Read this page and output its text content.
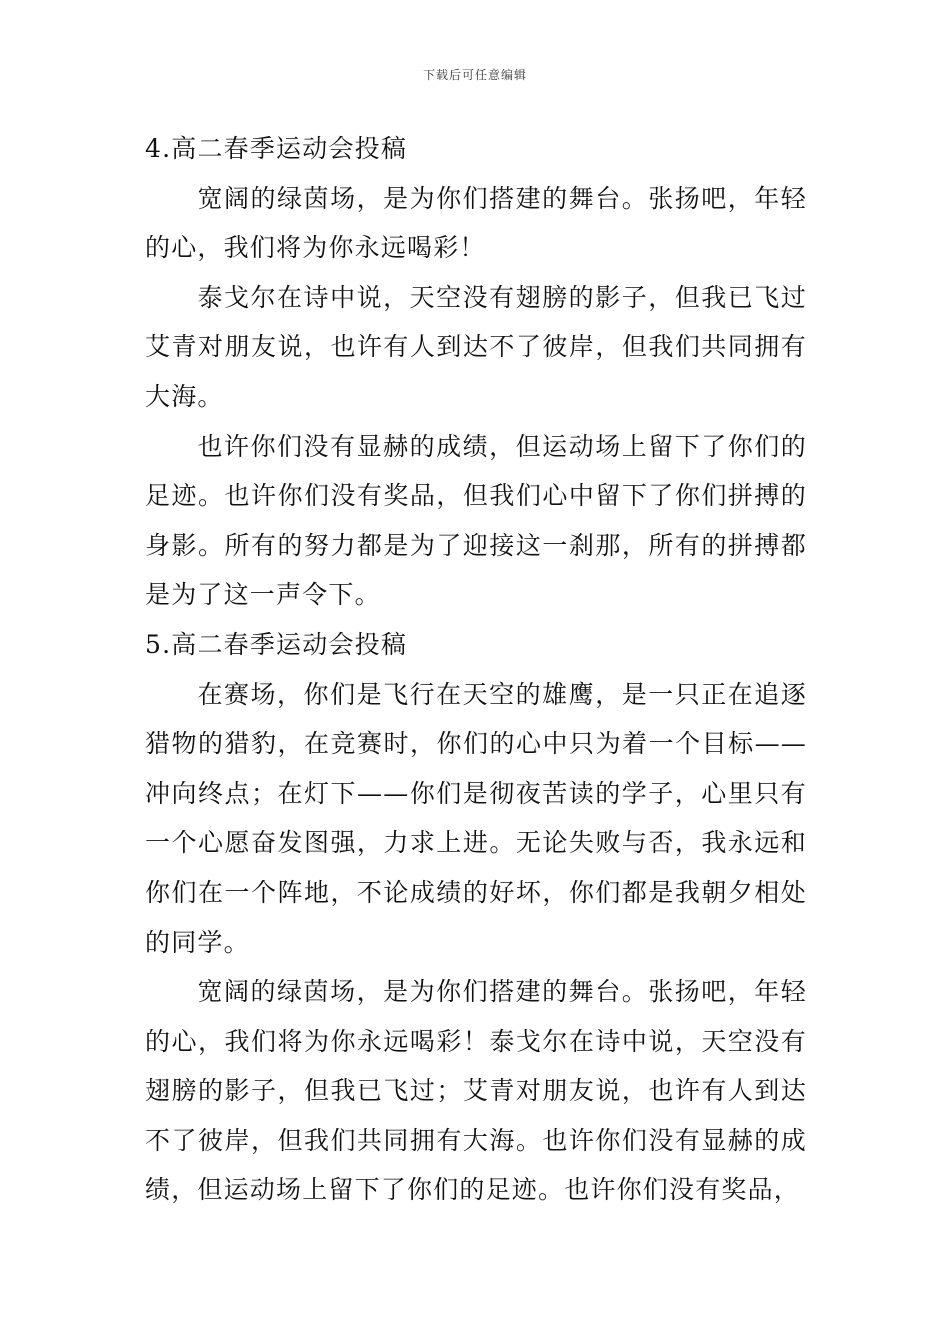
下载后可任意编辑
4.高二春季运动会投稿

宽阔的绿茵场，是为你们搭建的舞台。张扬吧，年轻的心，我们将为你永远喝彩！

泰戈尔在诗中说，天空没有翅膀的影子，但我已飞过艾青对朋友说，也许有人到达不了彼岸，但我们共同拥有大海。

也许你们没有显赫的成绩，但运动场上留下了你们的足迹。也许你们没有奖品，但我们心中留下了你们拼搏的身影。所有的努力都是为了迎接这一刹那，所有的拼搏都是为了这一声令下。

5.高二春季运动会投稿

在赛场，你们是飞行在天空的雄鹰，是一只正在追逐猎物的猎豹，在竞赛时，你们的心中只为着一个目标——冲向终点；在灯下——你们是彻夜苦读的学子，心里只有一个心愿奋发图强，力求上进。无论失败与否，我永远和你们在一个阵地，不论成绩的好坏，你们都是我朝夕相处的同学。

宽阔的绿茵场，是为你们搭建的舞台。张扬吧，年轻的心，我们将为你永远喝彩！泰戈尔在诗中说，天空没有翅膀的影子，但我已飞过；艾青对朋友说，也许有人到达不了彼岸，但我们共同拥有大海。也许你们没有显赫的成绩，但运动场上留下了你们的足迹。也许你们没有奖品，
